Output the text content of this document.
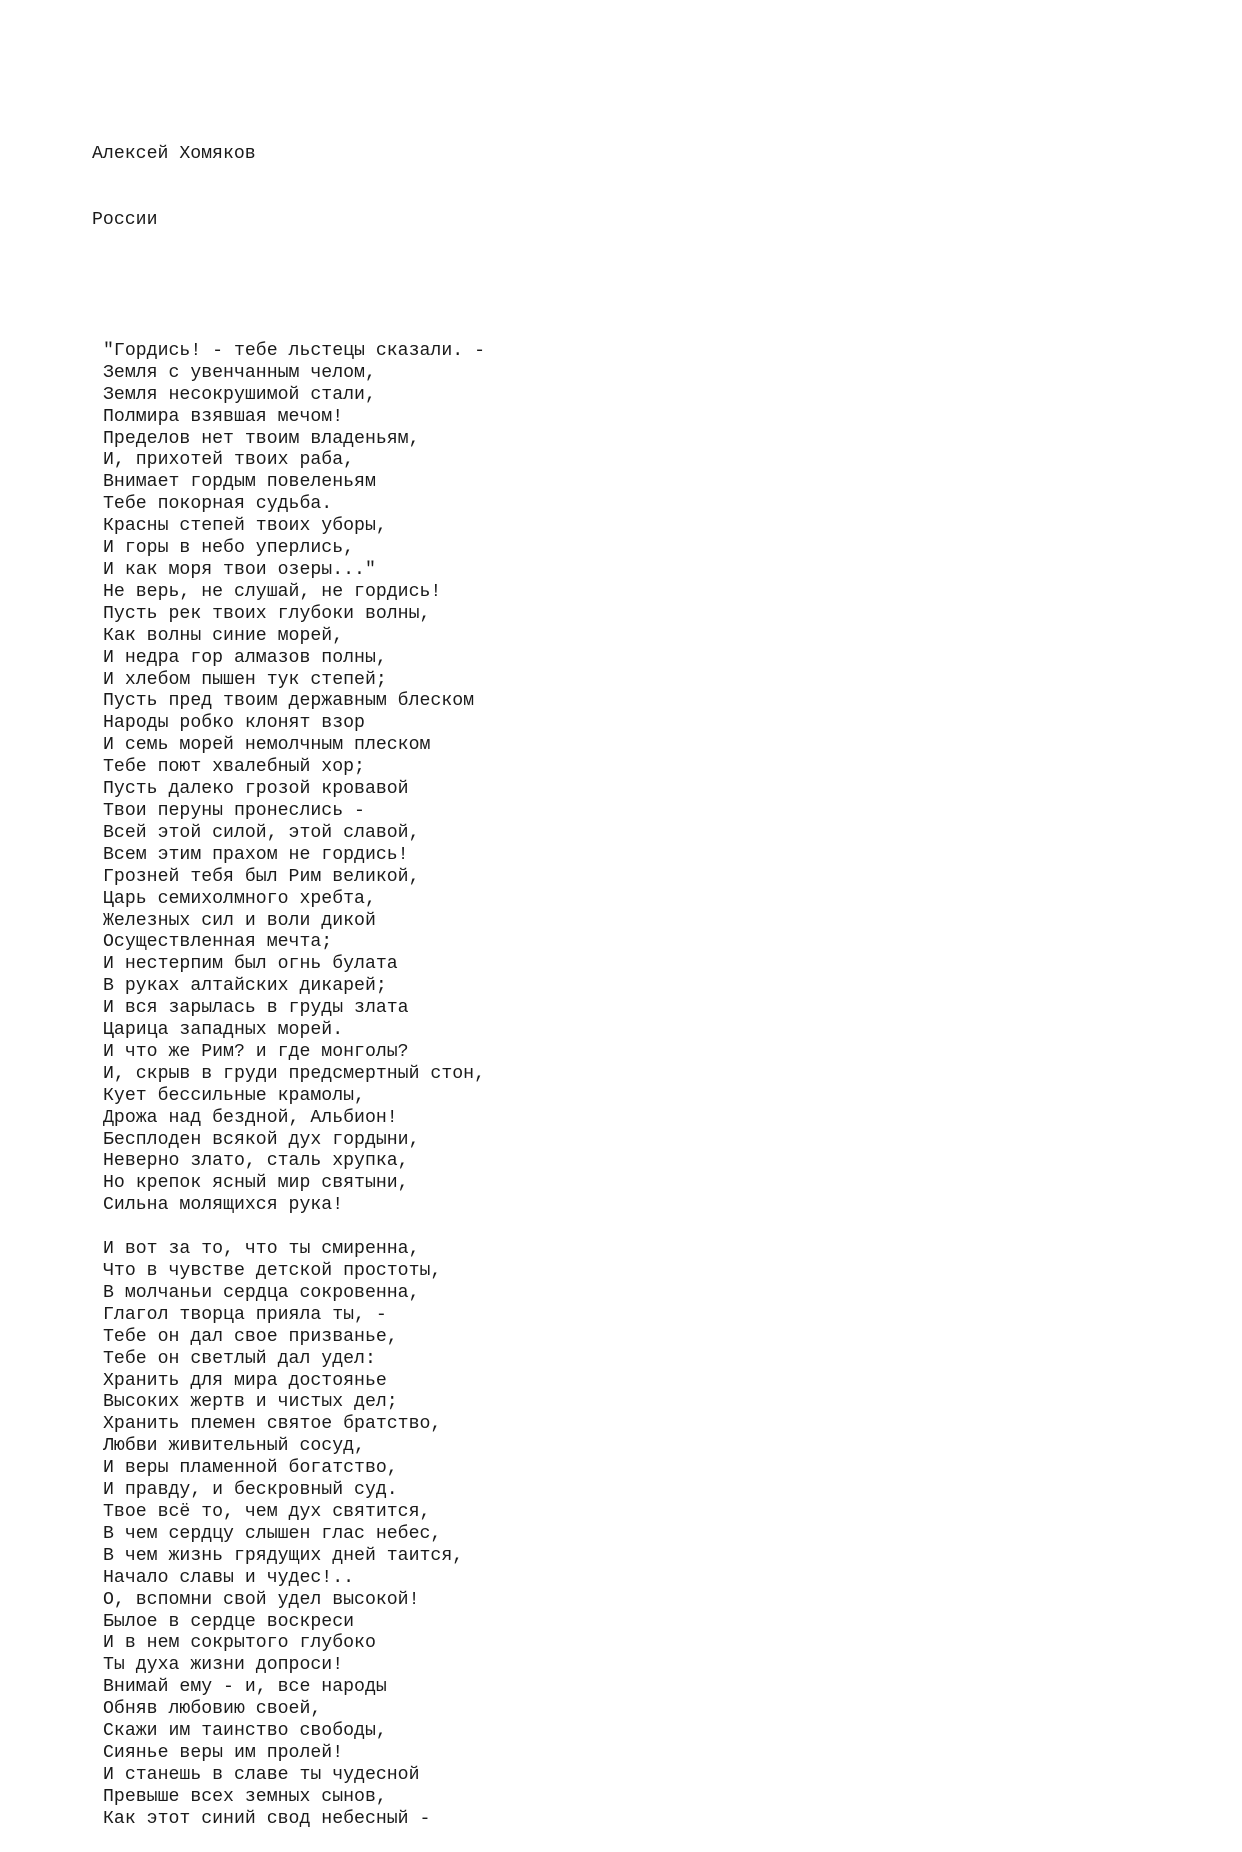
Алексей Хомяков

России

"Гордись! - тебе льстецы сказали. -
Земля с увенчанным челом,
Земля несокрушимой стали,
Полмира взявшая мечом!
Пределов нет твоим владеньям,
И, прихотей твоих раба,
Внимает гордым повеленьям
Тебе покорная судьба.
Красны степей твоих уборы,
И горы в небо уперлись,
И как моря твои озеры..."
Не верь, не слушай, не гордись!
Пусть рек твоих глубоки волны,
Как волны синие морей,
И недра гор алмазов полны,
И хлебом пышен тук степей;
Пусть пред твоим державным блеском
Народы робко клонят взор
И семь морей немолчным плеском
Тебе поют хвалебный хор;
Пусть далеко грозой кровавой
Твои перуны пронеслись -
Всей этой силой, этой славой,
Всем этим прахом не гордись!
Грозней тебя был Рим великой,
Царь семихолмного хребта,
Железных сил и воли дикой
Осуществленная мечта;
И нестерпим был огнь булата
В руках алтайских дикарей;
И вся зарылась в груды злата
Царица западных морей.
И что же Рим? и где монголы?
И, скрыв в груди предсмертный стон,
Кует бессильные крамолы,
Дрожа над бездной, Альбион!
Бесплоден всякой дух гордыни,
Неверно злато, сталь хрупка,
Но крепок ясный мир святыни,
Сильна молящихся рука!
И вот за то, что ты смиренна,
Что в чувстве детской простоты,
В молчаньи сердца сокровенна,
Глагол творца прияла ты, -
Тебе он дал свое призванье,
Тебе он светлый дал удел:
Хранить для мира достоянье
Высоких жертв и чистых дел;
Хранить племен святое братство,
Любви живительный сосуд,
И веры пламенной богатство,
И правду, и бескровный суд.
Твое всё то, чем дух святится,
В чем сердцу слышен глас небес,
В чем жизнь грядущих дней таится,
Начало славы и чудес!..
О, вспомни свой удел высокой!
Былое в сердце воскреси
И в нем сокрытого глубоко
Ты духа жизни допроси!
Внимай ему - и, все народы
Обняв любовию своей,
Скажи им таинство свободы,
Сиянье веры им пролей!
И станешь в славе ты чудесной
Превыше всех земных сынов,
Как этот синий свод небесный -
